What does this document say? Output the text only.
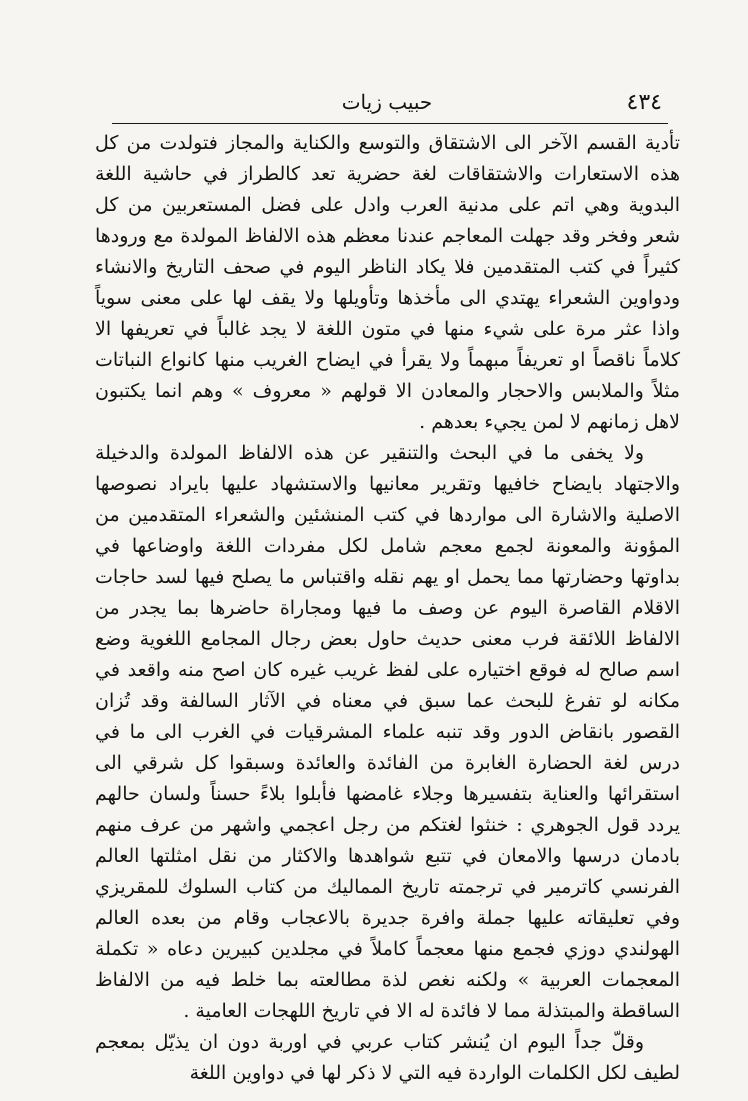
٤٣٤
حبيب زيات

تأدية القسم الآخر الى الاشتقاق والتوسع والكناية والمجاز فتولدت من كل هذه الاستعارات والاشتقاقات لغة حضرية تعد كالطراز في حاشية اللغة البدوية وهي اتم على مدنية العرب وادل على فضل المستعربين من كل شعر وفخر وقد جهلت المعاجم عندنا معظم هذه الالفاظ المولدة مع ورودها كثيراً في كتب المتقدمين فلا يكاد الناظر اليوم في صحف التاريخ والانشاء ودواوين الشعراء يهتدي الى مأخذها وتأويلها ولا يقف لها على معنى سوياً واذا عثر مرة على شيء منها في متون اللغة لا يجد غالباً في تعريفها الا كلاماً ناقصاً او تعريفاً مبهماً ولا يقرأ في ايضاح الغريب منها كانواع النباتات مثلاً والملابس والاحجار والمعادن الا قولهم « معروف » وهم انما يكتبون لاهل زمانهم لا لمن يجيء بعدهم .

ولا يخفى ما في البحث والتنقير عن هذه الالفاظ المولدة والدخيلة والاجتهاد بايضاح خافيها وتقرير معانيها والاستشهاد عليها بايراد نصوصها الاصلية والاشارة الى مواردها في كتب المنشئين والشعراء المتقدمين من المؤونة والمعونة لجمع معجم شامل لكل مفردات اللغة واوضاعها في بداوتها وحضارتها مما يحمل او يهم نقله واقتباس ما يصلح فيها لسد حاجات الاقلام القاصرة اليوم عن وصف ما فيها ومجاراة حاضرها بما يجدر من الالفاظ اللائقة فرب معنى حديث حاول بعض رجال المجامع اللغوية وضع اسم صالح له فوقع اختياره على لفظ غريب غيره كان اصح منه واقعد في مكانه لو تفرغ للبحث عما سبق في معناه في الآثار السالفة وقد تُزان القصور بانقاض الدور وقد تنبه علماء المشرقيات في الغرب الى ما في درس لغة الحضارة الغابرة من الفائدة والعائدة وسبقوا كل شرقي الى استقرائها والعناية بتفسيرها وجلاء غامضها فأبلوا بلاءً حسناً ولسان حالهم يردد قول الجوهري : خنثوا لغتكم من رجل اعجمي واشهر من عرف منهم بادمان درسها والامعان في تتبع شواهدها والاكثار من نقل امثلتها العالم الفرنسي كاترمير في ترجمته تاريخ المماليك من كتاب السلوك للمقريزي وفي تعليقاته عليها جملة وافرة جديرة بالاعجاب وقام من بعده العالم الهولندي دوزي فجمع منها معجماً كاملاً في مجلدين كبيرين دعاه « تكملة المعجمات العربية » ولكنه نغص لذة مطالعته بما خلط فيه من الالفاظ الساقطة والمبتذلة مما لا فائدة له الا في تاريخ اللهجات العامية .

وقلّ جداً اليوم ان يُنشر كتاب عربي في اوربة دون ان يذيّل بمعجم لطيف لكل الكلمات الواردة فيه التي لا ذكر لها في دواوين اللغة
